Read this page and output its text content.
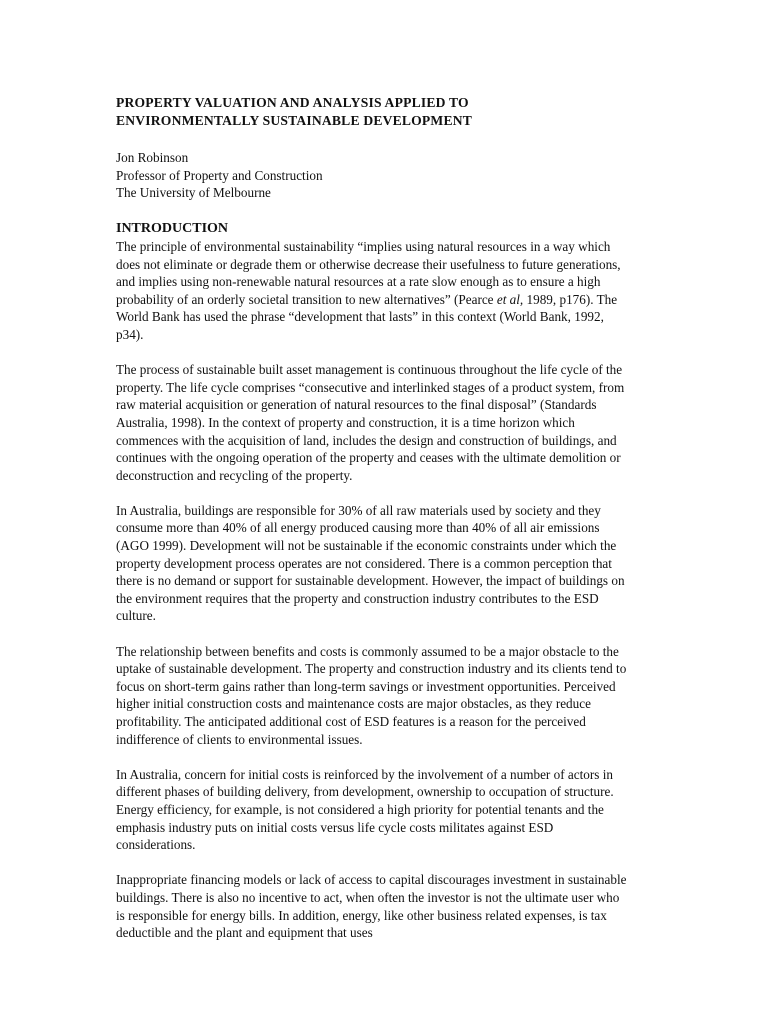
PROPERTY VALUATION AND ANALYSIS APPLIED TO
ENVIRONMENTALLY SUSTAINABLE DEVELOPMENT
Jon Robinson
Professor of Property and Construction
The University of Melbourne
INTRODUCTION

The principle of environmental sustainability “implies using natural resources in a way which does not eliminate or degrade them or otherwise decrease their usefulness to future generations, and implies using non-renewable natural resources at a rate slow enough as to ensure a high probability of an orderly societal transition to new alternatives” (Pearce et al, 1989, p176). The World Bank has used the phrase “development that lasts” in this context (World Bank, 1992, p34).

The process of sustainable built asset management is continuous throughout the life cycle of the property. The life cycle comprises “consecutive and interlinked stages of a product system, from raw material acquisition or generation of natural resources to the final disposal” (Standards Australia, 1998). In the context of property and construction, it is a time horizon which commences with the acquisition of land, includes the design and construction of buildings, and continues with the ongoing operation of the property and ceases with the ultimate demolition or deconstruction and recycling of the property.

In Australia, buildings are responsible for 30% of all raw materials used by society and they consume more than 40% of all energy produced causing more than 40% of all air emissions (AGO 1999). Development will not be sustainable if the economic constraints under which the property development process operates are not considered. There is a common perception that there is no demand or support for sustainable development. However, the impact of buildings on the environment requires that the property and construction industry contributes to the ESD culture.

The relationship between benefits and costs is commonly assumed to be a major obstacle to the uptake of sustainable development. The property and construction industry and its clients tend to focus on short-term gains rather than long-term savings or investment opportunities. Perceived higher initial construction costs and maintenance costs are major obstacles, as they reduce profitability. The anticipated additional cost of ESD features is a reason for the perceived indifference of clients to environmental issues.

In Australia, concern for initial costs is reinforced by the involvement of a number of actors in different phases of building delivery, from development, ownership to occupation of structure. Energy efficiency, for example, is not considered a high priority for potential tenants and the emphasis industry puts on initial costs versus life cycle costs militates against ESD considerations.

Inappropriate financing models or lack of access to capital discourages investment in sustainable buildings. There is also no incentive to act, when often the investor is not the ultimate user who is responsible for energy bills. In addition, energy, like other business related expenses, is tax deductible and the plant and equipment that uses
